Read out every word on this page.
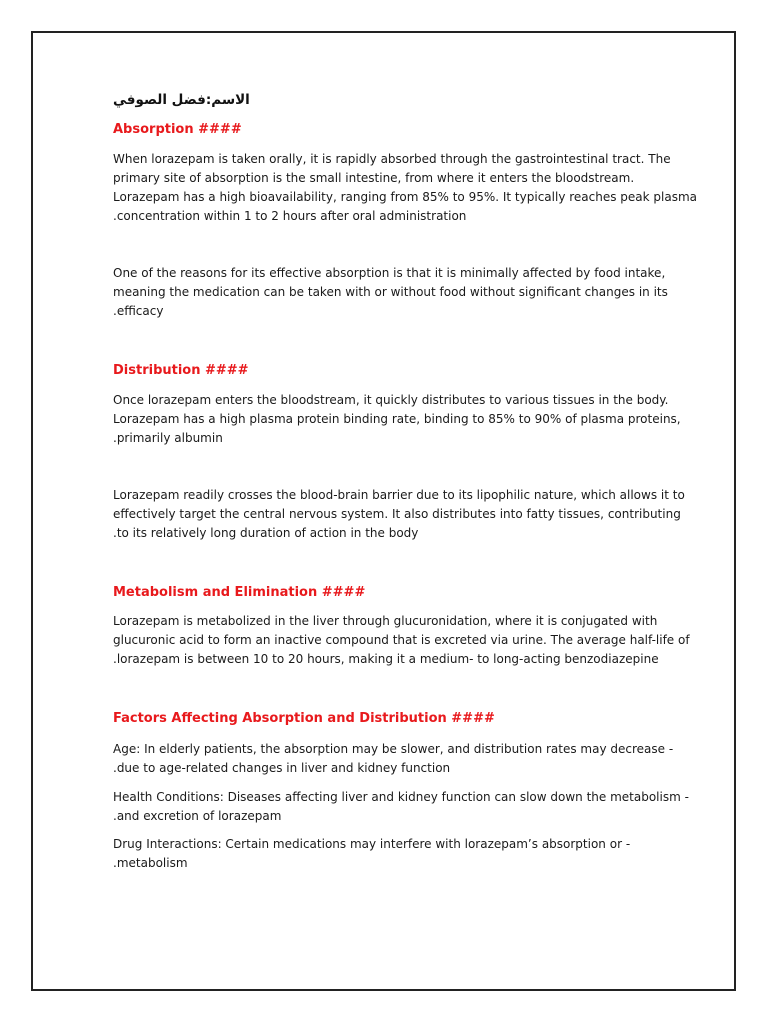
الاسم:فضل الصوفي

Absorption ####

When lorazepam is taken orally, it is rapidly absorbed through the gastrointestinal tract. The
primary site of absorption is the small intestine, from where it enters the bloodstream.
Lorazepam has a high bioavailability, ranging from 85% to 95%. It typically reaches peak plasma
.concentration within 1 to 2 hours after oral administration

One of the reasons for its effective absorption is that it is minimally affected by food intake,
meaning the medication can be taken with or without food without significant changes in its
.efficacy

Distribution ####

Once lorazepam enters the bloodstream, it quickly distributes to various tissues in the body.
Lorazepam has a high plasma protein binding rate, binding to 85% to 90% of plasma proteins,
.primarily albumin

Lorazepam readily crosses the blood-brain barrier due to its lipophilic nature, which allows it to
effectively target the central nervous system. It also distributes into fatty tissues, contributing
.to its relatively long duration of action in the body

Metabolism and Elimination ####

Lorazepam is metabolized in the liver through glucuronidation, where it is conjugated with
glucuronic acid to form an inactive compound that is excreted via urine. The average half-life of
.lorazepam is between 10 to 20 hours, making it a medium- to long-acting benzodiazepine

Factors Affecting Absorption and Distribution ####

Age: In elderly patients, the absorption may be slower, and distribution rates may decrease -
.due to age-related changes in liver and kidney function

Health Conditions: Diseases affecting liver and kidney function can slow down the metabolism -
.and excretion of lorazepam

Drug Interactions: Certain medications may interfere with lorazepam’s absorption or -
.metabolism
